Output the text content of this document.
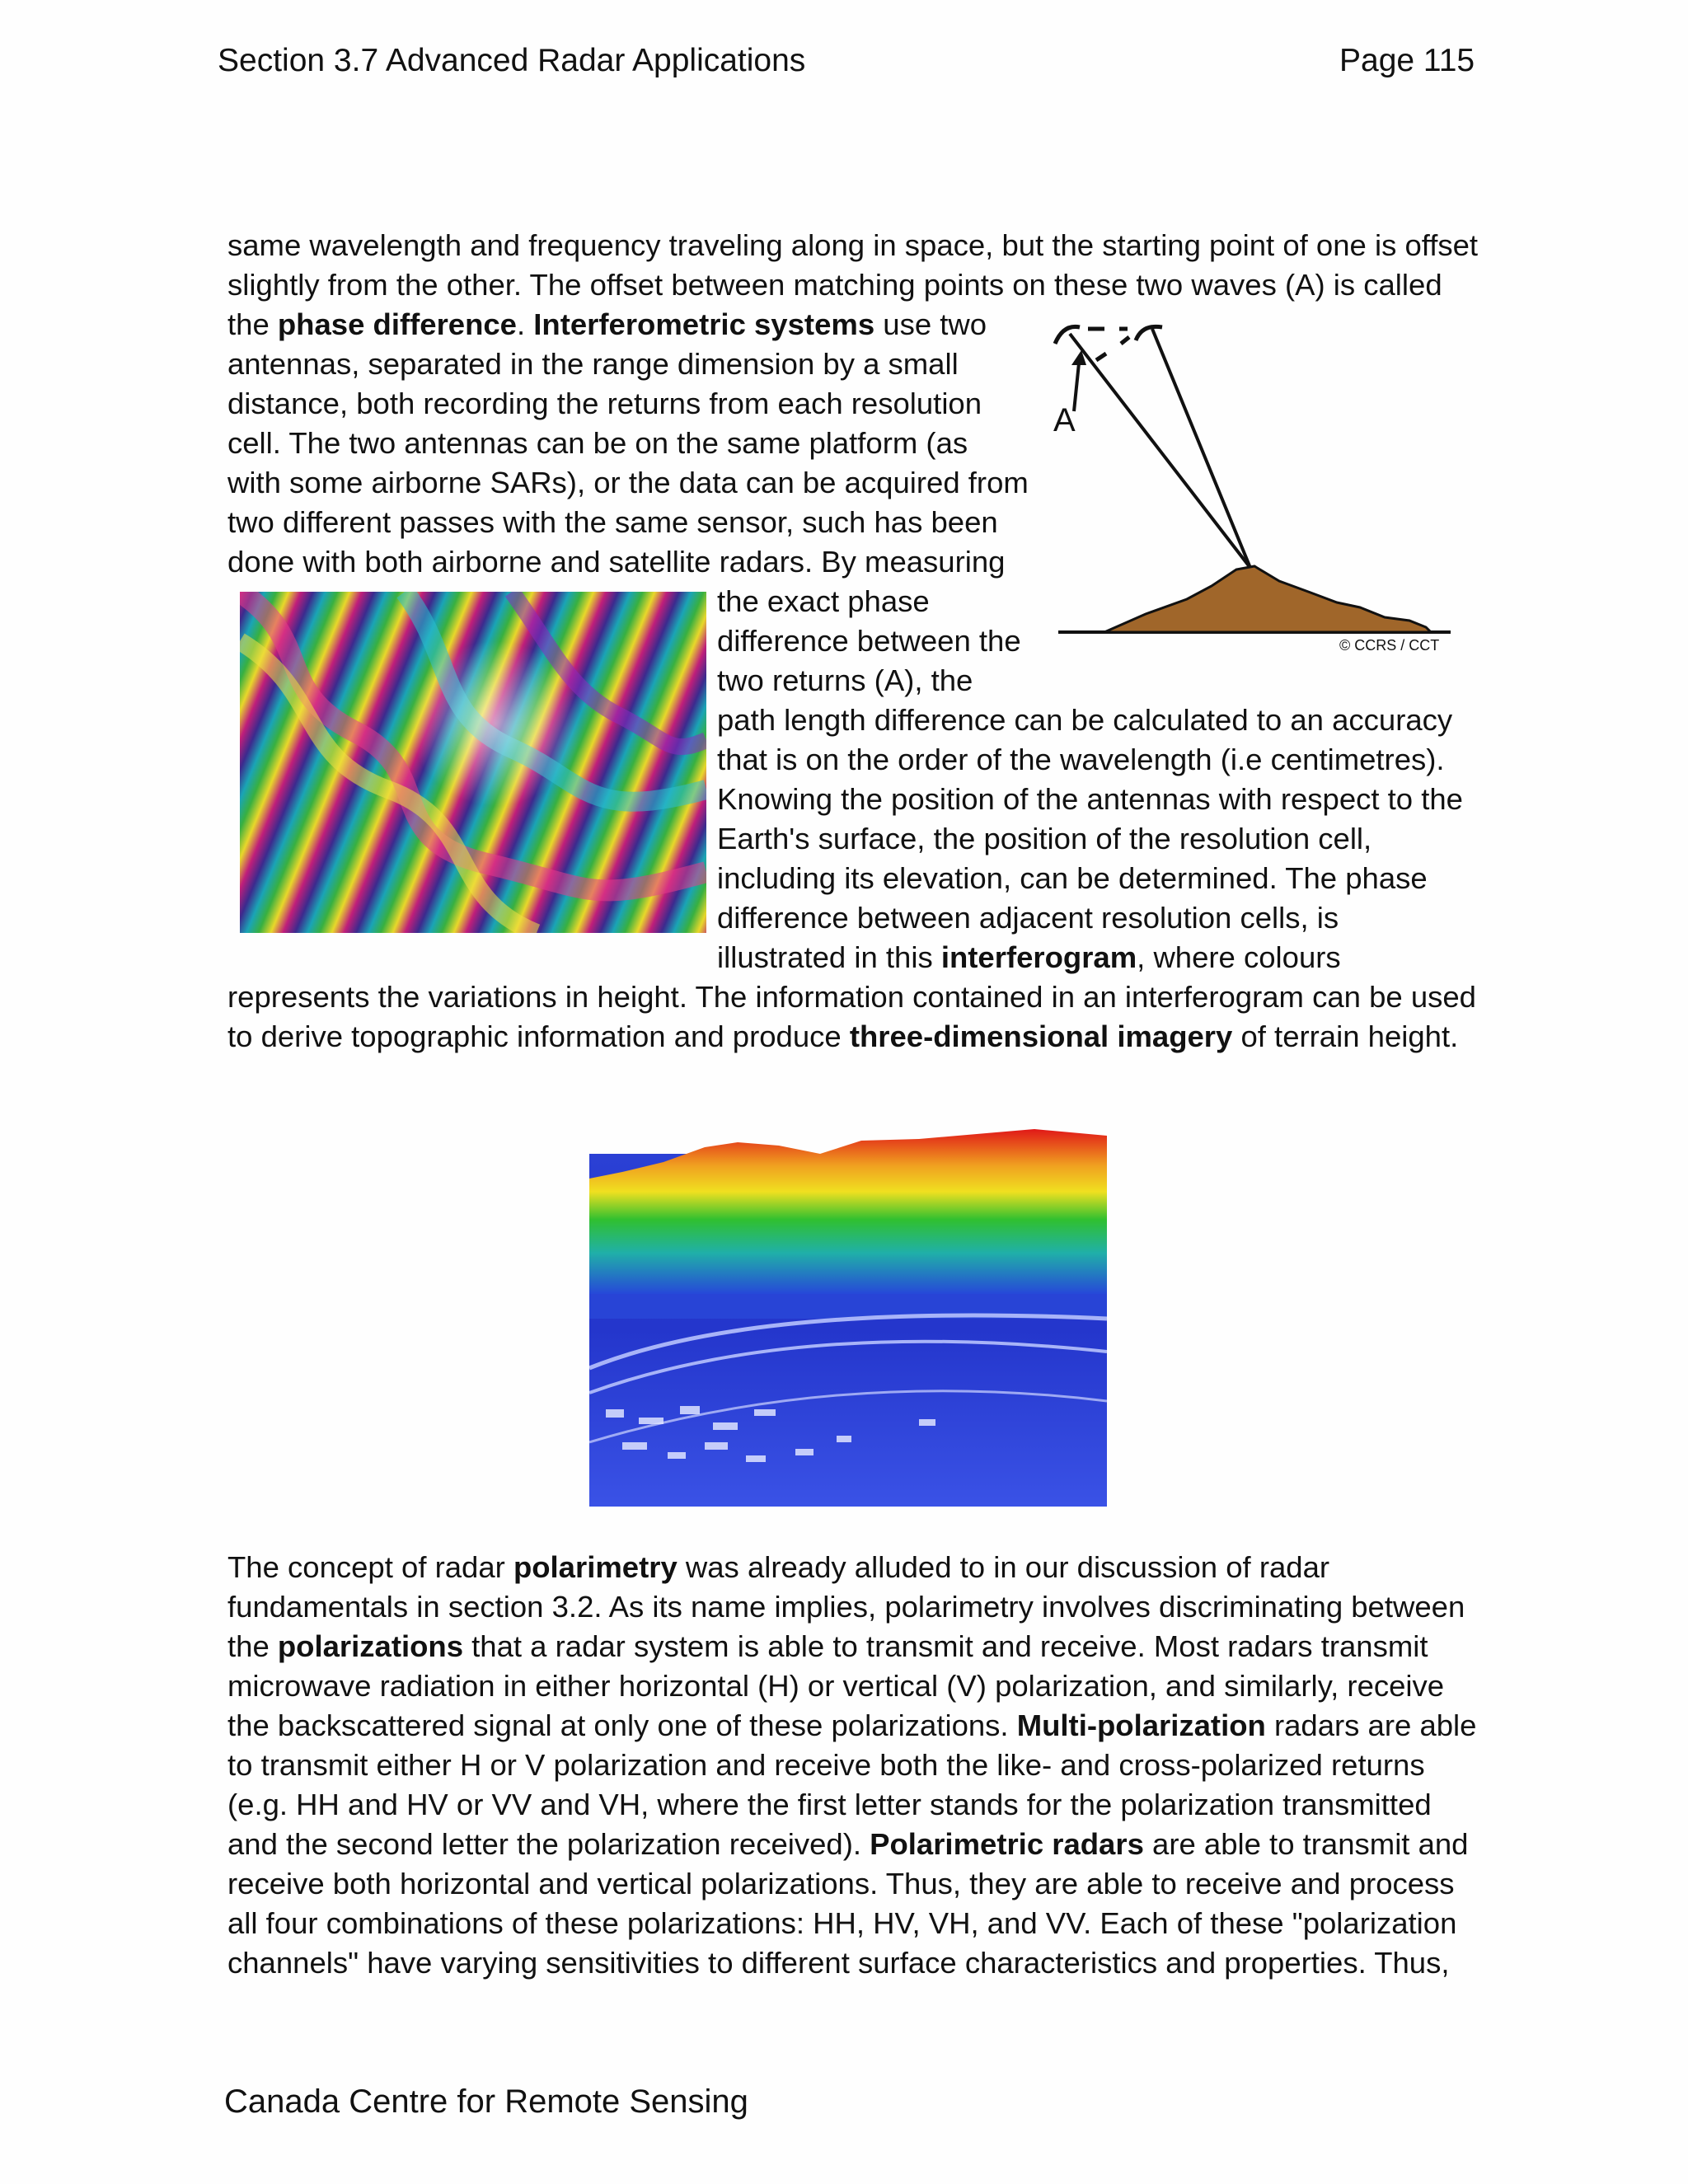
Section 3.7 Advanced Radar Applications	Page 115
same wavelength and frequency traveling along in space, but the starting point of one is offset
slightly from the other. The offset between matching points on these two waves (A) is called
the phase difference. Interferometric systems use two
antennas, separated in the range dimension by a small
distance, both recording the returns from each resolution
cell. The two antennas can be on the same platform (as
with some airborne SARs), or the data can be acquired from
two different passes with the same sensor, such has been
done with both airborne and satellite radars. By measuring
the exact phase
difference between the
two returns (A), the
path length difference can be calculated to an accuracy
that is on the order of the wavelength (i.e centimetres).
Knowing the position of the antennas with respect to the
Earth's surface, the position of the resolution cell,
including its elevation, can be determined. The phase
difference between adjacent resolution cells, is
illustrated in this interferogram, where colours
represents the variations in height. The information contained in an interferogram can be used
to derive topographic information and produce three-dimensional imagery of terrain height.
A
© CCRS / CCT
The concept of radar polarimetry was already alluded to in our discussion of radar
fundamentals in section 3.2. As its name implies, polarimetry involves discriminating between
the polarizations that a radar system is able to transmit and receive. Most radars transmit
microwave radiation in either horizontal (H) or vertical (V) polarization, and similarly, receive
the backscattered signal at only one of these polarizations. Multi-polarization radars are able
to transmit either H or V polarization and receive both the like- and cross-polarized returns
(e.g. HH and HV or VV and VH, where the first letter stands for the polarization transmitted
and the second letter the polarization received). Polarimetric radars are able to transmit and
receive both horizontal and vertical polarizations. Thus, they are able to receive and process
all four combinations of these polarizations: HH, HV, VH, and VV. Each of these "polarization
channels" have varying sensitivities to different surface characteristics and properties. Thus,
Canada Centre for Remote Sensing
